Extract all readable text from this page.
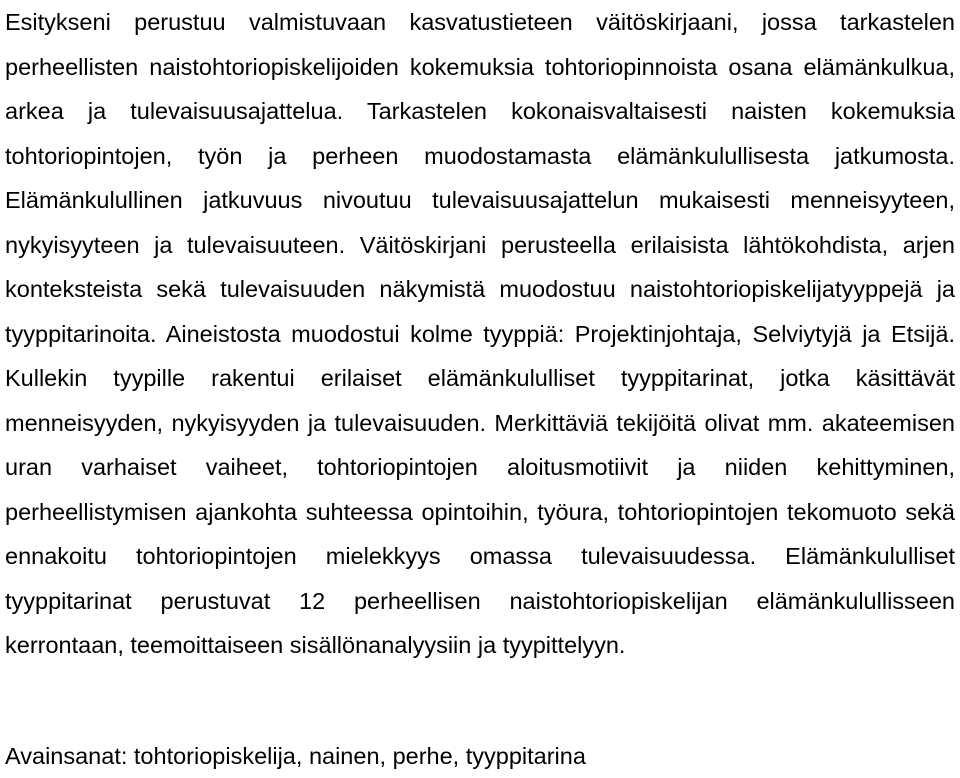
Esitykseni perustuu valmistuvaan kasvatustieteen väitöskirjaani, jossa tarkastelen perheellisten naistohtoriopiskelijoiden kokemuksia tohtoriopinnoista osana elämänkulkua, arkea ja tulevaisuusajattelua. Tarkastelen kokonaisvaltaisesti naisten kokemuksia tohtoriopintojen, työn ja perheen muodostamasta elämänkulullisesta jatkumosta. Elämänkulullinen jatkuvuus nivoutuu tulevaisuusajattelun mukaisesti menneisyyteen, nykyisyyteen ja tulevaisuuteen. Väitöskirjani perusteella erilaisista lähtökohdista, arjen konteksteista sekä tulevaisuuden näkymistä muodostuu naistohtoriopiskelijatyyppejä ja tyyppitarinoita. Aineistosta muodostui kolme tyyppiä: Projektinjohtaja, Selviytyjä ja Etsijä. Kullekin tyypille rakentui erilaiset elämänkululliset tyyppitarinat, jotka käsittävät menneisyyden, nykyisyyden ja tulevaisuuden. Merkittäviä tekijöitä olivat mm. akateemisen uran varhaiset vaiheet, tohtoriopintojen aloitusmotiivit ja niiden kehittyminen, perheellistymisen ajankohta suhteessa opintoihin, työura, tohtoriopintojen tekomuoto sekä ennakoitu tohtoriopintojen mielekkyys omassa tulevaisuudessa. Elämänkululliset tyyppitarinat perustuvat 12 perheellisen naistohtoriopiskelijan elämänkulullisseen kerrontaan, teemoittaiseen sisällönanalyysiin ja tyypittelyyn.

Avainsanat: tohtoriopiskelija, nainen, perhe, tyyppitarina
